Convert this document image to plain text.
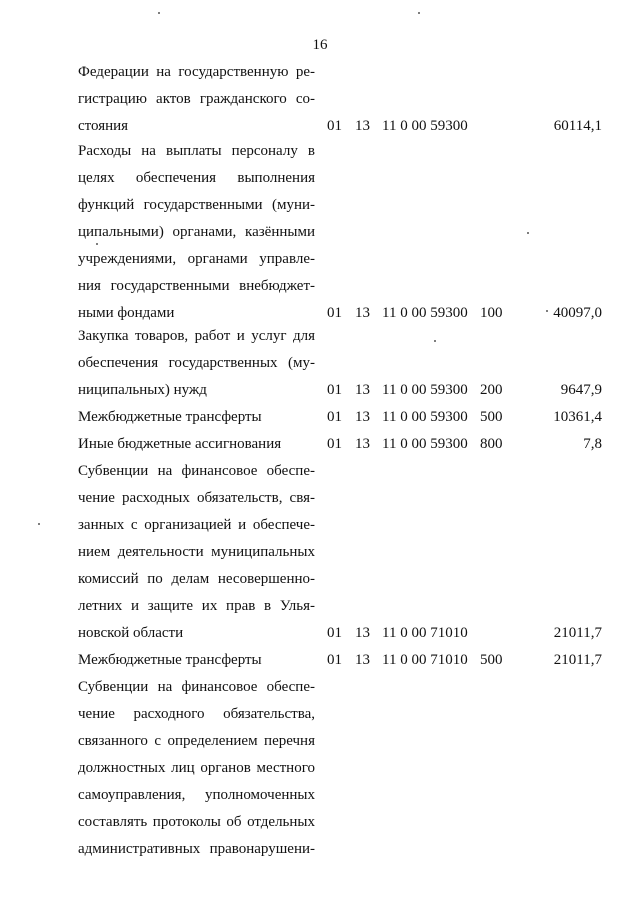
16
Федерации на государственную ре-
гистрацию актов гражданского со-
стояния	01 13 11 0 00 59300	60114,1
Расходы на выплаты персоналу в
целях обеспечения выполнения
функций государственными (муни-
ципальными) органами, казёнными
учреждениями, органами управле-
ния государственными внебюджет-
ными фондами	01 13 11 0 00 59300 100	40097,0
Закупка товаров, работ и услуг для
обеспечения государственных (му-
ниципальных) нужд	01 13 11 0 00 59300 200	9647,9
Межбюджетные трансферты	01 13 11 0 00 59300 500	10361,4
Иные бюджетные ассигнования	01 13 11 0 00 59300 800	7,8
Субвенции на финансовое обеспе-
чение расходных обязательств, свя-
занных с организацией и обеспече-
нием деятельности муниципальных
комиссий по делам несовершенно-
летних и защите их прав в Улья-
новской области	01 13 11 0 00 71010	21011,7
Межбюджетные трансферты	01 13 11 0 00 71010 500	21011,7
Субвенции на финансовое обеспе-
чение расходного обязательства,
связанного с определением перечня
должностных лиц органов местного
самоуправления, уполномоченных
составлять протоколы об отдельных
административных правонарушени-
